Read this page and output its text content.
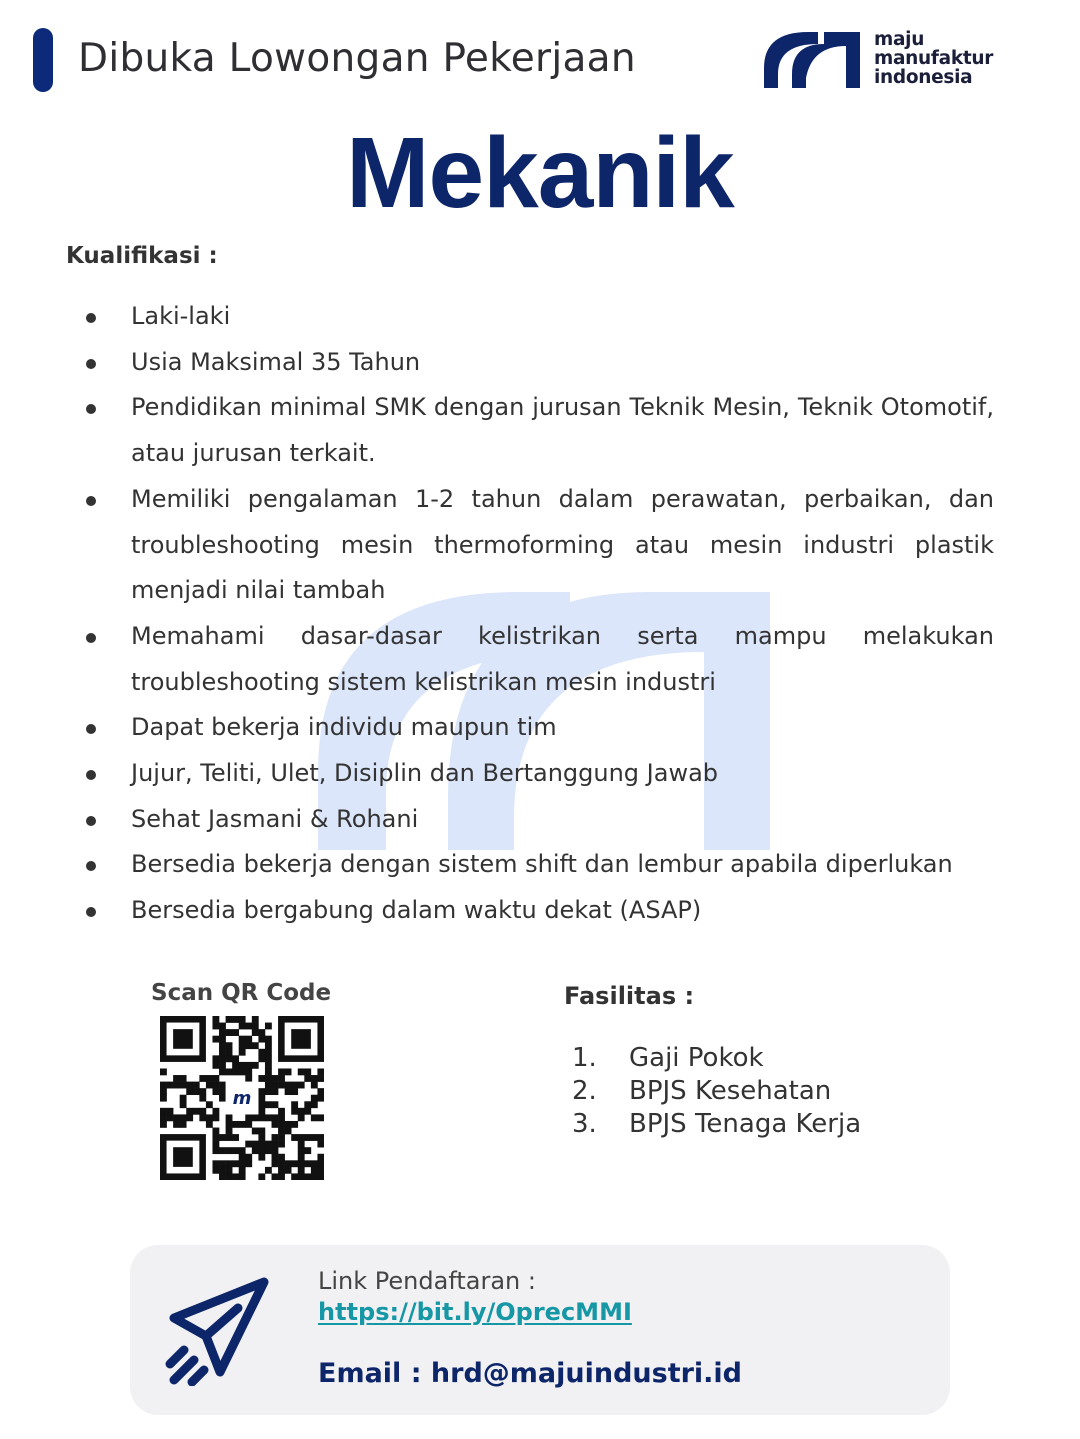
Dibuka Lowongan Pekerjaan	maju
manufaktur
indonesia
Mekanik
Kualifikasi :
Laki-laki
Usia Maksimal 35 Tahun
Pendidikan minimal SMK dengan jurusan Teknik Mesin, Teknik Otomotif, atau jurusan terkait.
Memiliki pengalaman 1-2 tahun dalam perawatan, perbaikan, dan troubleshooting mesin thermoforming atau mesin industri plastik menjadi nilai tambah
Memahami dasar-dasar kelistrikan serta mampu melakukan troubleshooting sistem kelistrikan mesin industri
Dapat bekerja individu maupun tim
Jujur, Teliti, Ulet, Disiplin dan Bertanggung Jawab
Sehat Jasmani & Rohani
Bersedia bekerja dengan sistem shift dan lembur apabila diperlukan
Bersedia bergabung dalam waktu dekat (ASAP)
Scan QR Code
m
Fasilitas :
1. Gaji Pokok
2. BPJS Kesehatan
3. BPJS Tenaga Kerja
Link Pendaftaran :
https://bit.ly/OprecMMI
Email : hrd@majuindustri.id
